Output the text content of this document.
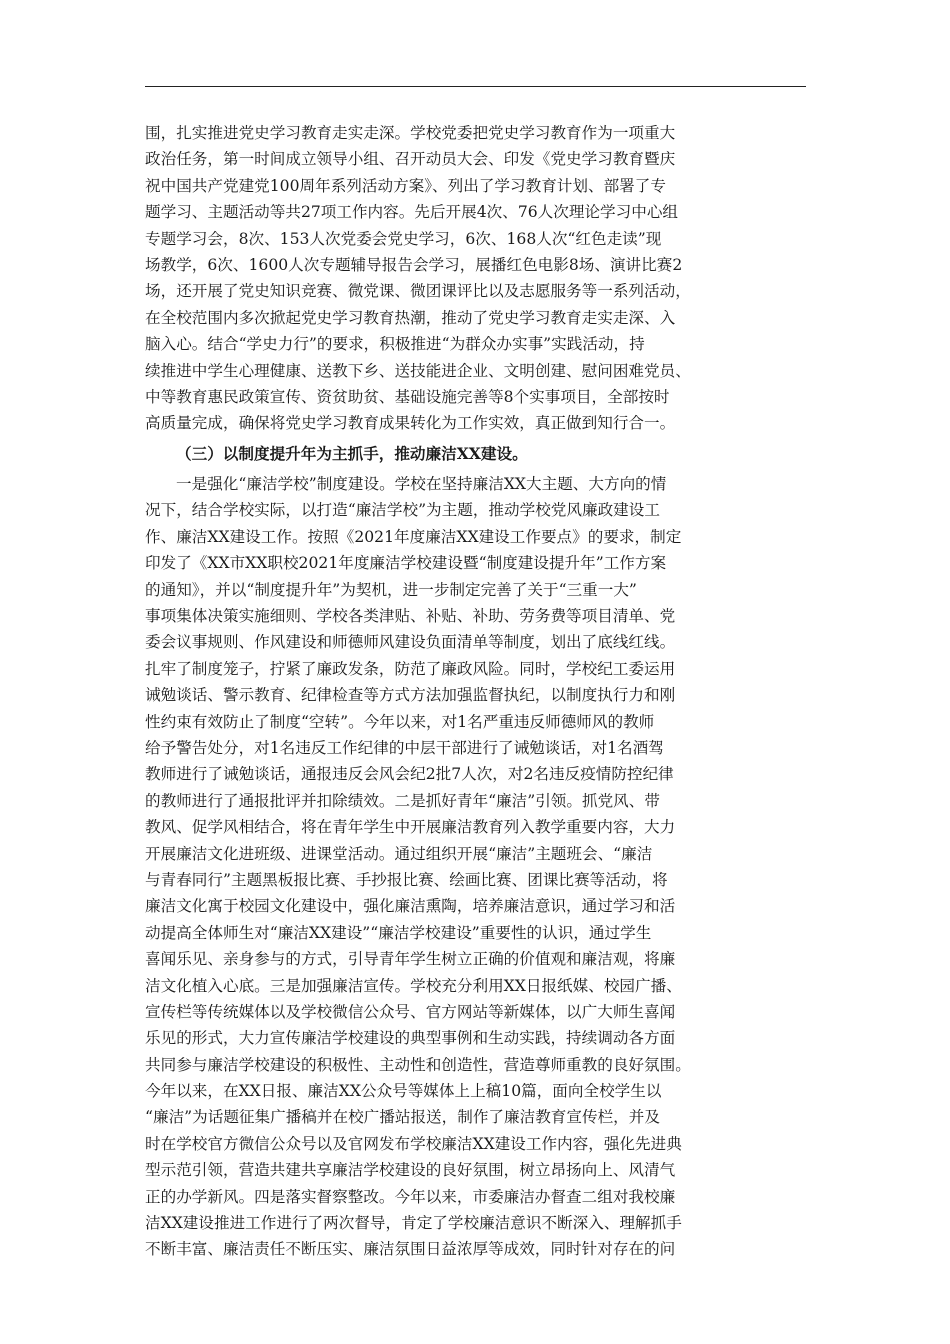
围，扎实推进党史学习教育走实走深。学校党委把党史学习教育作为一项重大
政治任务，第一时间成立领导小组、召开动员大会、印发《党史学习教育暨庆
祝中国共产党建党100周年系列活动方案》、列出了学习教育计划、部署了专
题学习、主题活动等共27项工作内容。先后开展4次、76人次理论学习中心组
专题学习会，8次、153人次党委会党史学习，6次、168人次“红色走读”现
场教学，6次、1600人次专题辅导报告会学习，展播红色电影8场、演讲比赛2
场，还开展了党史知识竞赛、微党课、微团课评比以及志愿服务等一系列活动，
在全校范围内多次掀起党史学习教育热潮，推动了党史学习教育走实走深、入
脑入心。结合“学史力行”的要求，积极推进“为群众办实事”实践活动，持
续推进中学生心理健康、送教下乡、送技能进企业、文明创建、慰问困难党员、
中等教育惠民政策宣传、资贫助贫、基础设施完善等8个实事项目，全部按时
高质量完成，确保将党史学习教育成果转化为工作实效，真正做到知行合一。
（三）以制度提升年为主抓手，推动廉洁XX建设。
一是强化“廉洁学校”制度建设。学校在坚持廉洁XX大主题、大方向的情
况下，结合学校实际，以打造“廉洁学校”为主题，推动学校党风廉政建设工
作、廉洁XX建设工作。按照《2021年度廉洁XX建设工作要点》的要求，制定
印发了《XX市XX职校2021年度廉洁学校建设暨“制度建设提升年”工作方案
的通知》，并以“制度提升年”为契机，进一步制定完善了关于“三重一大”
事项集体决策实施细则、学校各类津贴、补贴、补助、劳务费等项目清单、党
委会议事规则、作风建设和师德师风建设负面清单等制度，划出了底线红线。
扎牢了制度笼子，拧紧了廉政发条，防范了廉政风险。同时，学校纪工委运用
诫勉谈话、警示教育、纪律检查等方式方法加强监督执纪，以制度执行力和刚
性约束有效防止了制度“空转”。今年以来，对1名严重违反师德师风的教师
给予警告处分，对1名违反工作纪律的中层干部进行了诫勉谈话，对1名酒驾
教师进行了诫勉谈话，通报违反会风会纪2批7人次，对2名违反疫情防控纪律
的教师进行了通报批评并扣除绩效。二是抓好青年“廉洁”引领。抓党风、带
教风、促学风相结合，将在青年学生中开展廉洁教育列入教学重要内容，大力
开展廉洁文化进班级、进课堂活动。通过组织开展“廉洁”主题班会、“廉洁
与青春同行”主题黑板报比赛、手抄报比赛、绘画比赛、团课比赛等活动，将
廉洁文化寓于校园文化建设中，强化廉洁熏陶，培养廉洁意识，通过学习和活
动提高全体师生对“廉洁XX建设”“廉洁学校建设”重要性的认识，通过学生
喜闻乐见、亲身参与的方式，引导青年学生树立正确的价值观和廉洁观，将廉
洁文化植入心底。三是加强廉洁宣传。学校充分利用XX日报纸媒、校园广播、
宣传栏等传统媒体以及学校微信公众号、官方网站等新媒体，以广大师生喜闻
乐见的形式，大力宣传廉洁学校建设的典型事例和生动实践，持续调动各方面
共同参与廉洁学校建设的积极性、主动性和创造性，营造尊师重教的良好氛围。
今年以来，在XX日报、廉洁XX公众号等媒体上上稿10篇，面向全校学生以
“廉洁”为话题征集广播稿并在校广播站报送，制作了廉洁教育宣传栏，并及
时在学校官方微信公众号以及官网发布学校廉洁XX建设工作内容，强化先进典
型示范引领，营造共建共享廉洁学校建设的良好氛围，树立昂扬向上、风清气
正的办学新风。四是落实督察整改。今年以来，市委廉洁办督查二组对我校廉
洁XX建设推进工作进行了两次督导，肯定了学校廉洁意识不断深入、理解抓手
不断丰富、廉洁责任不断压实、廉洁氛围日益浓厚等成效，同时针对存在的问
